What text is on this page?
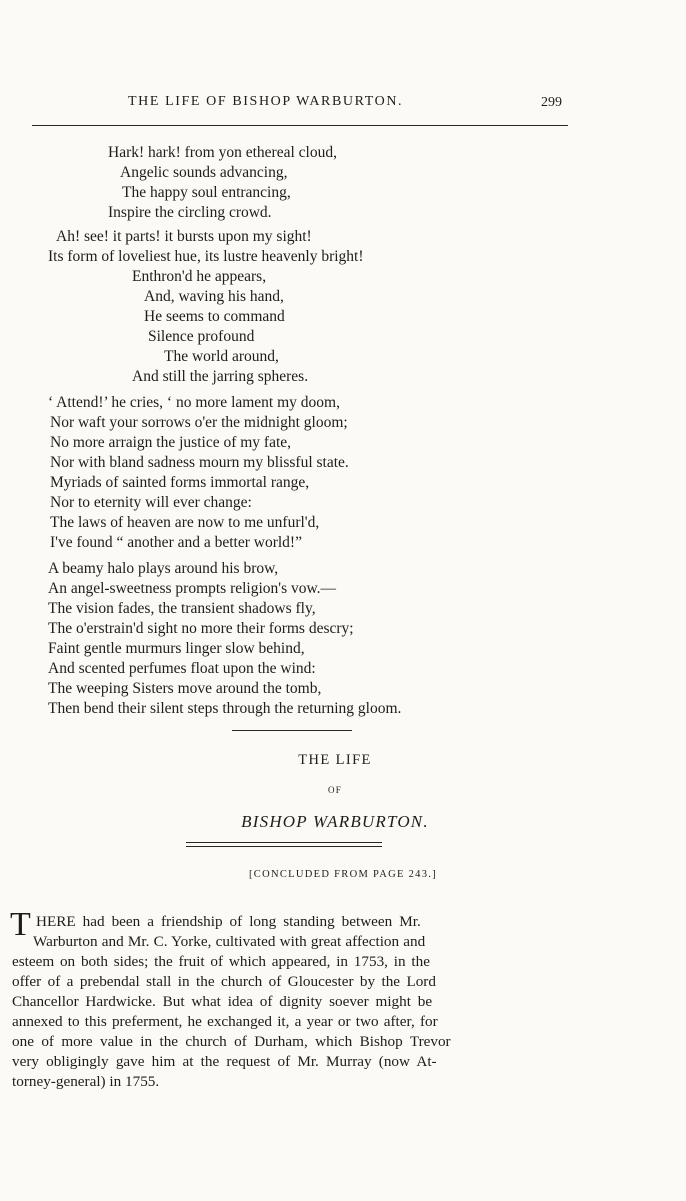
THE LIFE OF BISHOP WARBURTON.	299
Hark! hark! from yon ethereal cloud,
Angelic sounds advancing,
The happy soul entrancing,
Inspire the circling crowd.
Ah! see! it parts! it bursts upon my sight!
Its form of loveliest hue, its lustre heavenly bright!
Enthron'd he appears,
And, waving his hand,
He seems to command
Silence profound
The world around,
And still the jarring spheres.
‘ Attend!’ he cries, ‘ no more lament my doom,
Nor waft your sorrows o'er the midnight gloom;
No more arraign the justice of my fate,
Nor with bland sadness mourn my blissful state.
Myriads of sainted forms immortal range,
Nor to eternity will ever change:
The laws of heaven are now to me unfurl'd,
I've found “ another and a better world!”
A beamy halo plays around his brow,
An angel-sweetness prompts religion's vow.—
The vision fades, the transient shadows fly,
The o'erstrain'd sight no more their forms descry;
Faint gentle murmurs linger slow behind,
And scented perfumes float upon the wind:
The weeping Sisters move around the tomb,
Then bend their silent steps through the returning gloom.
THE LIFE
OF
BISHOP WARBURTON.
[CONCLUDED FROM PAGE 243.]
T HERE had been a friendship of long standing between Mr.
Warburton and Mr. C. Yorke, cultivated with great affection and
esteem on both sides; the fruit of which appeared, in 1753, in the
offer of a prebendal stall in the church of Gloucester by the Lord
Chancellor Hardwicke. But what idea of dignity soever might be
annexed to this preferment, he exchanged it, a year or two after, for
one of more value in the church of Durham, which Bishop Trevor
very obligingly gave him at the request of Mr. Murray (now At-
torney-general) in 1755.
